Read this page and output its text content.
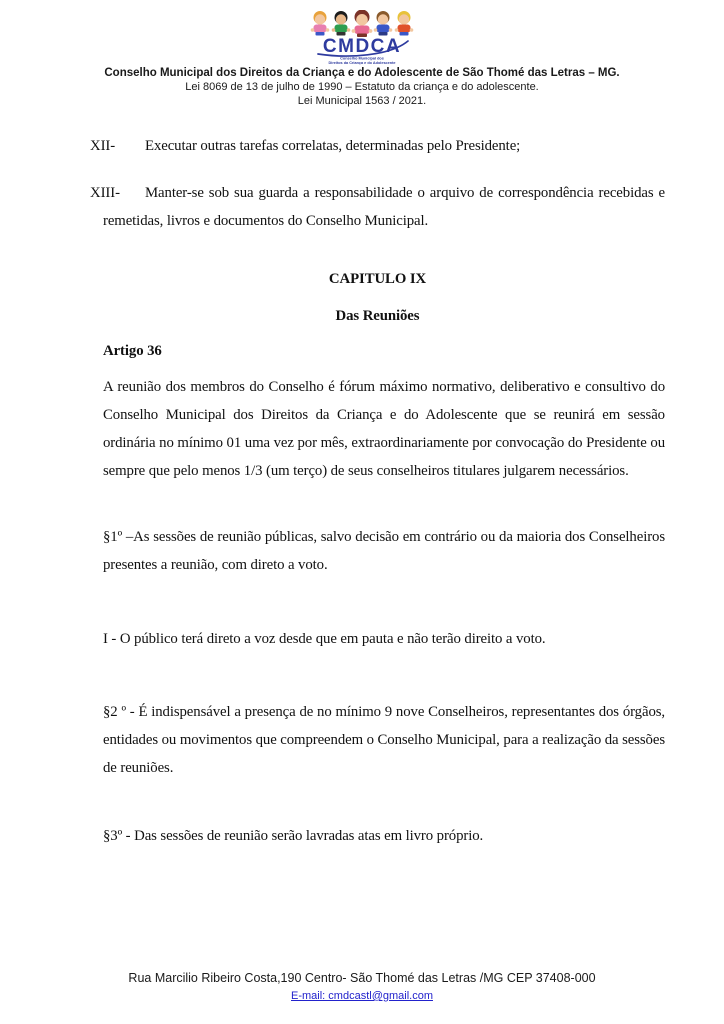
CMDCA
Conselho Municipal dos
Direitos da Criança e do Adolescente
Conselho Municipal dos Direitos da Criança e do Adolescente de São Thomé das Letras – MG.
Lei 8069 de 13 de julho de 1990 – Estatuto da criança e do adolescente.
Lei Municipal 1563 / 2021.

XII- Executar outras tarefas correlatas, determinadas pelo Presidente;

XIII- Manter-se sob sua guarda a responsabilidade o arquivo de correspondência recebidas e remetidas, livros e documentos do Conselho Municipal.

CAPITULO IX

Das Reuniões

Artigo 36

A reunião dos membros do Conselho é fórum máximo normativo, deliberativo e consultivo do Conselho Municipal dos Direitos da Criança e do Adolescente que se reunirá em sessão ordinária no mínimo 01 uma vez por mês, extraordinariamente por convocação do Presidente ou sempre que pelo menos 1/3 (um terço) de seus conselheiros titulares julgarem necessários.

§1º –As sessões de reunião públicas, salvo decisão em contrário ou da maioria dos Conselheiros presentes a reunião, com direto a voto.

I - O público terá direto a voz desde que em pauta e não terão direito a voto.

§2 º - É indispensável a presença de no mínimo 9 nove Conselheiros, representantes dos órgãos, entidades ou movimentos que compreendem o Conselho Municipal, para a realização da sessões de reuniões.

§3º - Das sessões de reunião serão lavradas atas em livro próprio.

Rua Marcilio Ribeiro Costa,190 Centro- São Thomé das Letras /MG CEP 37408-000
E-mail: cmdcastl@gmail.com
